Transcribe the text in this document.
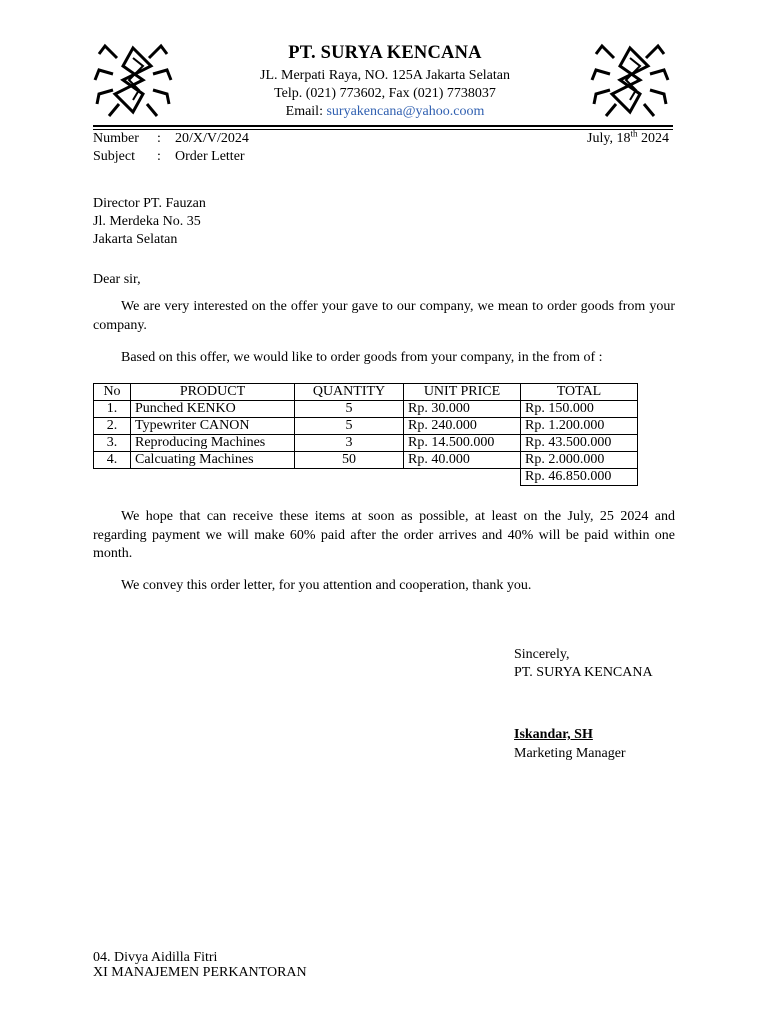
PT. SURYA KENCANA
JL. Merpati Raya, NO. 125A Jakarta Selatan
Telp. (021) 773602, Fax (021) 7738037
Email: suryakencana@yahoo.coom
Number : 20/X/V/2024
Subject : Order Letter
July, 18th 2024
Director PT. Fauzan
Jl. Merdeka No. 35
Jakarta Selatan
Dear sir,
We are very interested on the offer your gave to our company, we mean to order goods from your company.
Based on this offer, we would like to order goods from your company, in the from of :
No	PRODUCT	QUANTITY	UNIT PRICE	TOTAL
1.	Punched KENKO	5	Rp. 30.000	Rp. 150.000
2.	Typewriter CANON	5	Rp. 240.000	Rp. 1.200.000
3.	Reproducing Machines	3	Rp. 14.500.000	Rp. 43.500.000
4.	Calcuating Machines	50	Rp. 40.000	Rp. 2.000.000
				Rp. 46.850.000
We hope that can receive these items at soon as possible, at least on the July, 25 2024 and regarding payment we will make 60% paid after the order arrives and 40% will be paid within one month.
We convey this order letter, for you attention and cooperation, thank you.
Sincerely,
PT. SURYA KENCANA
Iskandar, SH
Marketing Manager
04. Divya Aidilla Fitri
XI MANAJEMEN PERKANTORAN
